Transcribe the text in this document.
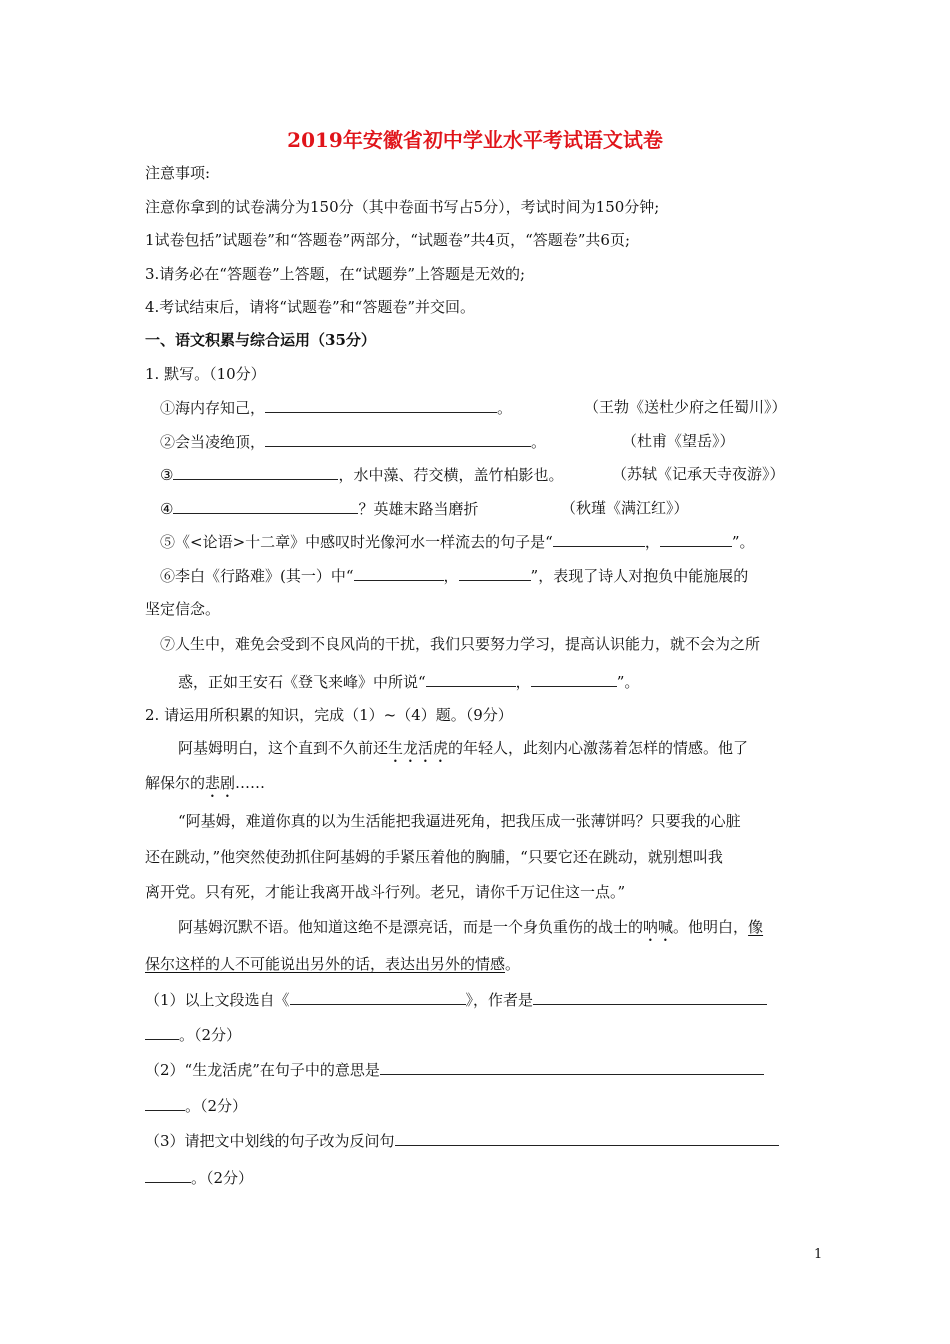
2019年安徽省初中学业水平考试语文试卷
注意事项:
注意你拿到的试卷满分为150分（其中卷面书写占5分），考试时间为150分钟;
1试卷包括”试题卷”和“答题卷”两部分，“试题卷”共4页，“答题卷”共6页;
3.请务必在“答题卷”上答题，在“试题券”上答题是无效的;
4.考试结束后，请将“试题卷”和“答题卷”并交回。
一、语文积累与综合运用（35分）
1. 默写。（10分）
①海内存知己，	。	（王勃《送杜少府之任蜀川》）
②会当凌绝顶，	。	（杜甫《望岳》）
③	，水中藻、荇交横，盖竹柏影也。	（苏轼《记承天寺夜游》）
④	？英雄末路当磨折	（秋瑾《满江红》）
⑤《<论语>十二章》中感叹时光像河水一样流去的句子是“	，	”。
⑥李白《行路难》(其一）中“	，	”，表现了诗人对抱负中能施展的
坚定信念。
⑦人生中，难免会受到不良风尚的干扰，我们只要努力学习，提高认识能力，就不会为之所
惑，正如王安石《登飞来峰》中所说“	，	”。
2. 请运用所积累的知识，完成（1）~（4）题。（9分）
阿基姆明白，这个直到不久前还生龙活虎的年轻人，此刻内心激荡着怎样的情感。他了
解保尔的悲剧……
“阿基姆，难道你真的以为生活能把我逼进死角，把我压成一张薄饼吗？只要我的心脏
还在跳动，”他突然使劲抓住阿基姆的手紧压着他的胸脯，“只要它还在跳动，就别想叫我
离开党。只有死，才能让我离开战斗行列。老兄，请你千万记住这一点。”
阿基姆沉默不语。他知道这绝不是漂亮话，而是一个身负重伤的战士的呐喊。他明白，像
保尔这样的人不可能说出另外的话，表达出另外的情感。
（1）以上文段选自《	》，作者是
。（2分）
（2）“生龙活虎”在句子中的意思是
。（2分）
（3）请把文中划线的句子改为反问句
。（2分）
1
